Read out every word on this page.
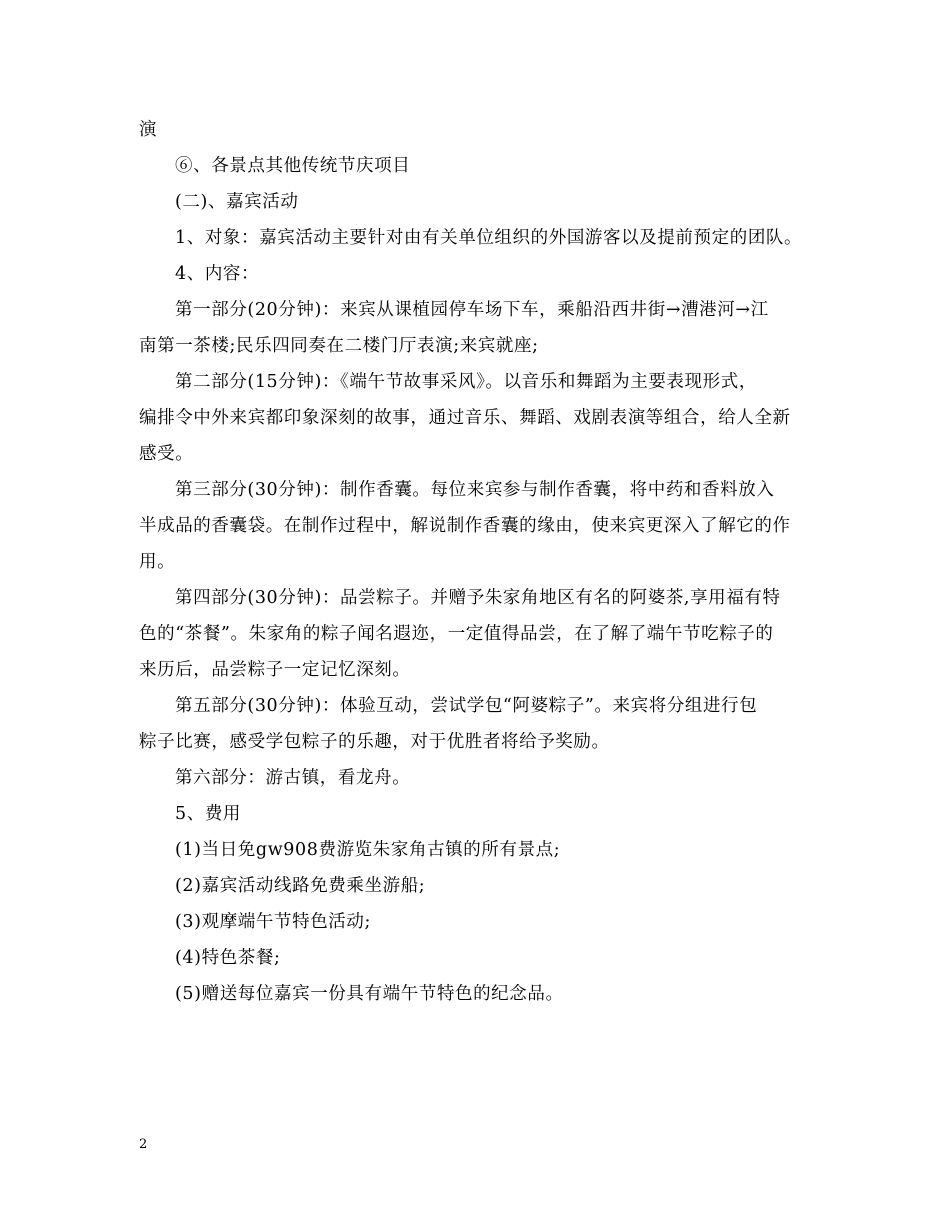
演
⑥、各景点其他传统节庆项目
(二)、嘉宾活动
1、对象：嘉宾活动主要针对由有关单位组织的外国游客以及提前预定的团队。
4、内容：
第一部分(20分钟)：来宾从课植园停车场下车，乘船沿西井街→漕港河→江
南第一茶楼;民乐四同奏在二楼门厅表演;来宾就座;
第二部分(15分钟)：《端午节故事采风》。以音乐和舞蹈为主要表现形式，
编排令中外来宾都印象深刻的故事，通过音乐、舞蹈、戏剧表演等组合，给人全新
感受。
第三部分(30分钟)：制作香囊。每位来宾参与制作香囊，将中药和香料放入
半成品的香囊袋。在制作过程中，解说制作香囊的缘由，使来宾更深入了解它的作
用。
第四部分(30分钟)：品尝粽子。并赠予朱家角地区有名的阿婆茶,享用福有特
色的“茶餐”。朱家角的粽子闻名遐迩，一定值得品尝，在了解了端午节吃粽子的
来历后，品尝粽子一定记忆深刻。
第五部分(30分钟)：体验互动，尝试学包“阿婆粽子”。来宾将分组进行包
粽子比赛，感受学包粽子的乐趣，对于优胜者将给予奖励。
第六部分：游古镇，看龙舟。
5、费用
(1)当日免gw908费游览朱家角古镇的所有景点;
(2)嘉宾活动线路免费乘坐游船;
(3)观摩端午节特色活动;
(4)特色茶餐;
(5)赠送每位嘉宾一份具有端午节特色的纪念品。
2
